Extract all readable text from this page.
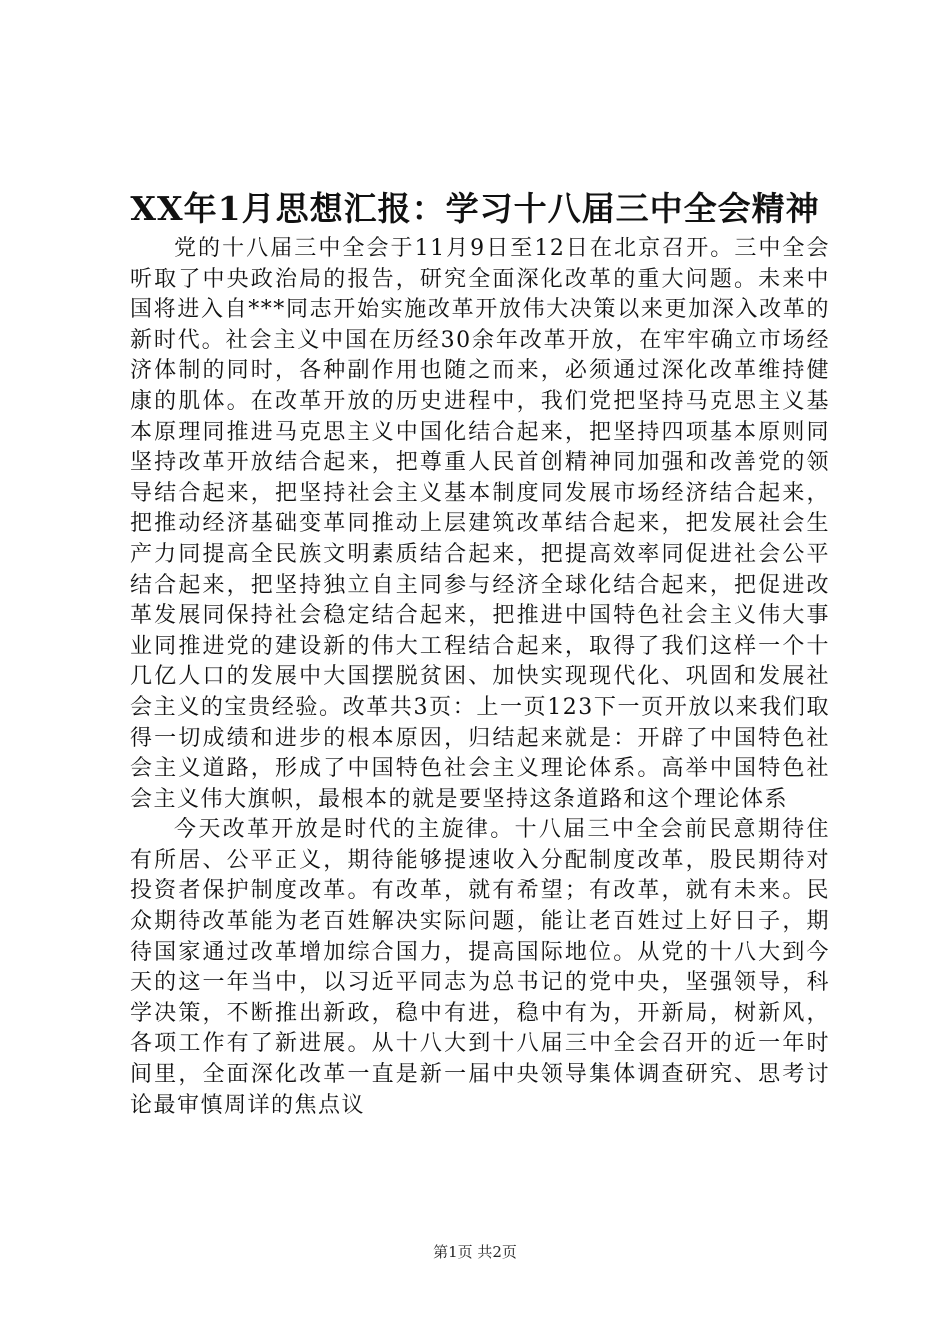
XX年1月思想汇报：学习十八届三中全会精神

党的十八届三中全会于11月9日至12日在北京召开。三中全会听取了中央政治局的报告，研究全面深化改革的重大问题。未来中国将进入自***同志开始实施改革开放伟大决策以来更加深入改革的新时代。社会主义中国在历经30余年改革开放，在牢牢确立市场经济体制的同时，各种副作用也随之而来，必须通过深化改革维持健康的肌体。在改革开放的历史进程中，我们党把坚持马克思主义基本原理同推进马克思主义中国化结合起来，把坚持四项基本原则同坚持改革开放结合起来，把尊重人民首创精神同加强和改善党的领导结合起来，把坚持社会主义基本制度同发展市场经济结合起来，把推动经济基础变革同推动上层建筑改革结合起来，把发展社会生产力同提高全民族文明素质结合起来，把提高效率同促进社会公平结合起来，把坚持独立自主同参与经济全球化结合起来，把促进改革发展同保持社会稳定结合起来，把推进中国特色社会主义伟大事业同推进党的建设新的伟大工程结合起来，取得了我们这样一个十几亿人口的发展中大国摆脱贫困、加快实现现代化、巩固和发展社会主义的宝贵经验。改革共3页：上一页123下一页开放以来我们取得一切成绩和进步的根本原因，归结起来就是：开辟了中国特色社会主义道路，形成了中国特色社会主义理论体系。高举中国特色社会主义伟大旗帜，最根本的就是要坚持这条道路和这个理论体系

今天改革开放是时代的主旋律。十八届三中全会前民意期待住有所居、公平正义，期待能够提速收入分配制度改革，股民期待对投资者保护制度改革。有改革，就有希望；有改革，就有未来。民众期待改革能为老百姓解决实际问题，能让老百姓过上好日子，期待国家通过改革增加综合国力，提高国际地位。从党的十八大到今天的这一年当中，以习近平同志为总书记的党中央，坚强领导，科学决策，不断推出新政，稳中有进，稳中有为，开新局，树新风，各项工作有了新进展。从十八大到十八届三中全会召开的近一年时间里，全面深化改革一直是新一届中央领导集体调查研究、思考讨论最审慎周详的焦点议

第1页 共2页
